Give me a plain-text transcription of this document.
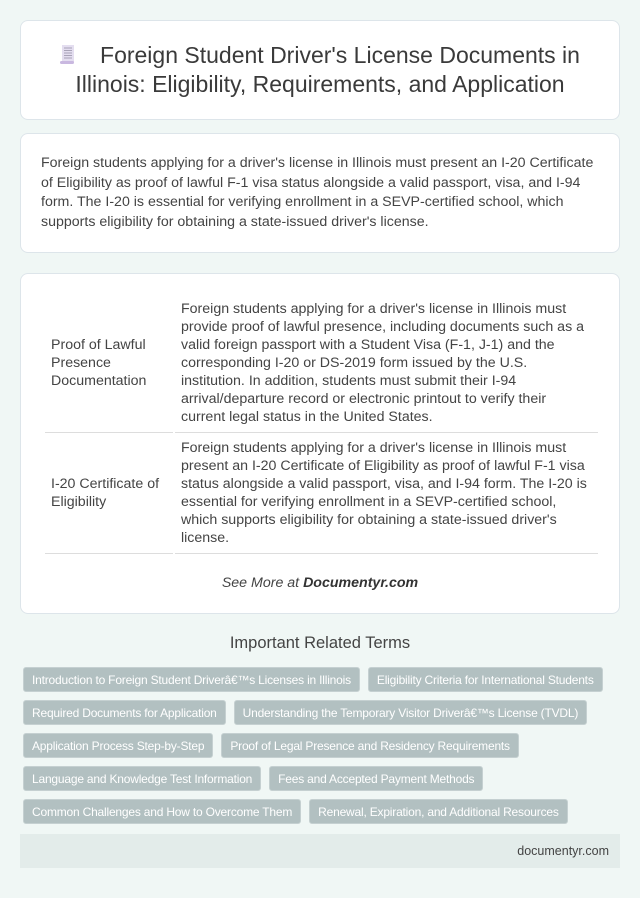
Foreign Student Driver's License Documents in Illinois: Eligibility, Requirements, and Application

Foreign students applying for a driver's license in Illinois must present an I-20 Certificate of Eligibility as proof of lawful F-1 visa status alongside a valid passport, visa, and I-94 form. The I-20 is essential for verifying enrollment in a SEVP-certified school, which supports eligibility for obtaining a state-issued driver's license.

Proof of Lawful Presence Documentation	Foreign students applying for a driver's license in Illinois must provide proof of lawful presence, including documents such as a valid foreign passport with a Student Visa (F-1, J-1) and the corresponding I-20 or DS-2019 form issued by the U.S. institution. In addition, students must submit their I-94 arrival/departure record or electronic printout to verify their current legal status in the United States.
I-20 Certificate of Eligibility	Foreign students applying for a driver's license in Illinois must present an I-20 Certificate of Eligibility as proof of lawful F-1 visa status alongside a valid passport, visa, and I-94 form. The I-20 is essential for verifying enrollment in a SEVP-certified school, which supports eligibility for obtaining a state-issued driver's license.

See More at Documentyr.com

Important Related Terms
Introduction to Foreign Student Driverâ€™s Licenses in Illinois	Eligibility Criteria for International Students
Required Documents for Application	Understanding the Temporary Visitor Driverâ€™s License (TVDL)
Application Process Step-by-Step	Proof of Legal Presence and Residency Requirements
Language and Knowledge Test Information	Fees and Accepted Payment Methods
Common Challenges and How to Overcome Them	Renewal, Expiration, and Additional Resources
documentyr.com
